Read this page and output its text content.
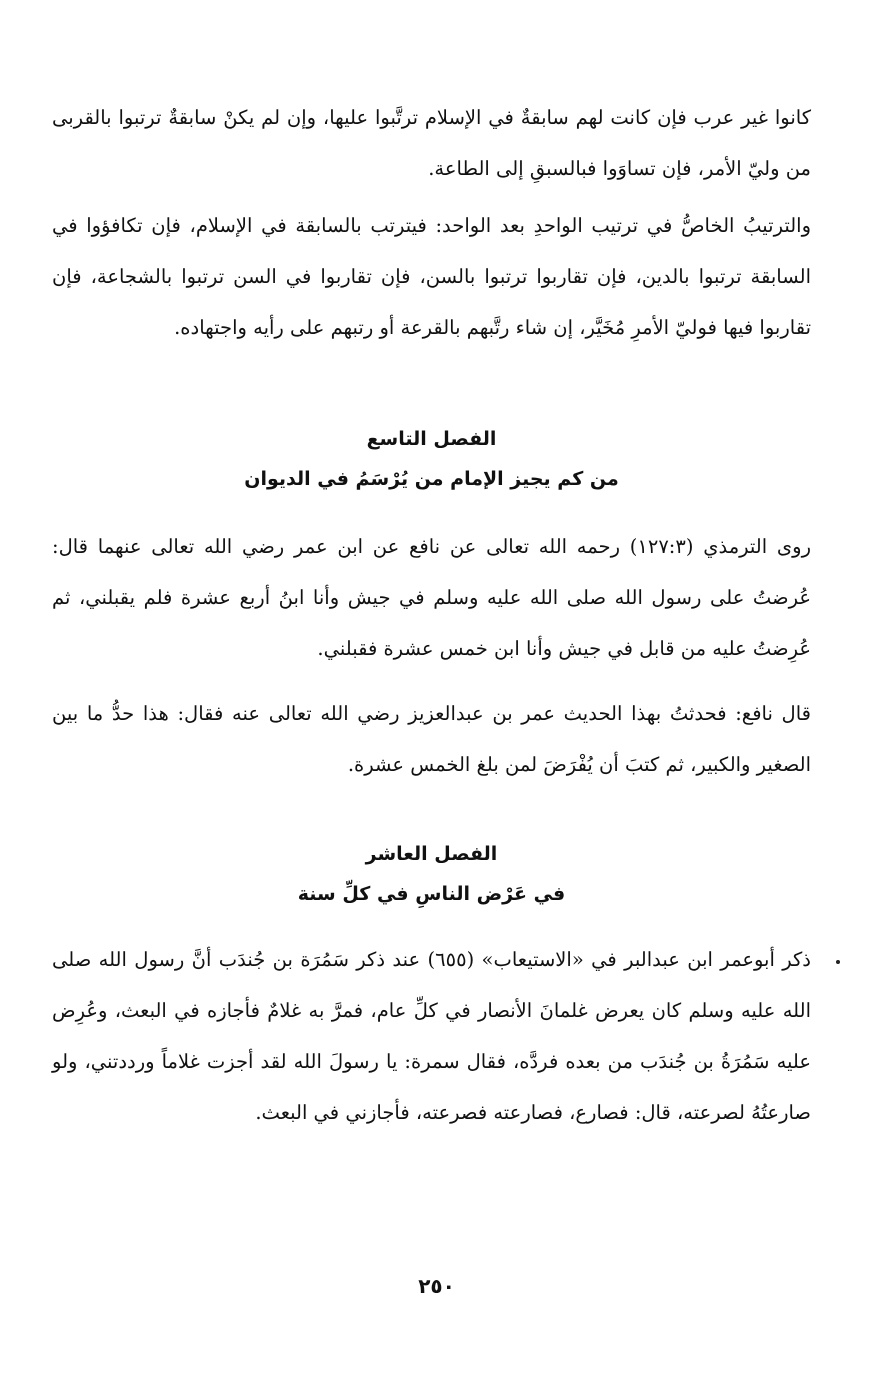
كانوا غير عرب فإن كانت لهم سابقةٌ في الإسلام ترتَّبوا عليها، وإن لم يكنْ سابقةٌ ترتبوا بالقربى من وليّ الأمر، فإن تساوَوا فبالسبقِ إلى الطاعة.

والترتيبُ الخاصُّ في ترتيب الواحدِ بعد الواحد: فيترتب بالسابقة في الإسلام، فإن تكافؤوا في السابقة ترتبوا بالدين، فإن تقاربوا ترتبوا بالسن، فإن تقاربوا في السن ترتبوا بالشجاعة، فإن تقاربوا فيها فوليّ الأمرِ مُخَيَّر، إن شاء رتَّبهم بالقرعة أو رتبهم على رأيه واجتهاده.

الفصل التاسع

من كم يجيز الإمام من يُرْسَمُ في الديوان

روى الترمذي (١٢٧:٣) رحمه الله تعالى عن نافع عن ابن عمر رضي الله تعالى عنهما قال: عُرضتُ على رسول الله صلى الله عليه وسلم في جيش وأنا ابنُ أربع عشرة فلم يقبلني، ثم عُرِضتُ عليه من قابل في جيش وأنا ابن خمس عشرة فقبلني.

قال نافع: فحدثتُ بهذا الحديث عمر بن عبدالعزيز رضي الله تعالى عنه فقال: هذا حدُّ ما بين الصغير والكبير، ثم كتبَ أن يُفْرَضَ لمن بلغ الخمس عشرة.

الفصل العاشر

في عَرْض الناسِ في كلِّ سنة

ذكر أبوعمر ابن عبدالبر في «الاستيعاب» (٦٥٥) عند ذكر سَمُرَة بن جُندَب أنَّ رسول الله صلى الله عليه وسلم كان يعرض غلمانَ الأنصار في كلِّ عام، فمرَّ به غلامٌ فأجازه في البعث، وعُرِض عليه سَمُرَةُ بن جُندَب من بعده فردَّه، فقال سمرة: يا رسولَ الله لقد أجزت غلاماً ورددتني، ولو صارعتُهُ لصرعته، قال: فصارع، فصارعته فصرعته، فأجازني في البعث.

٢٥٠
